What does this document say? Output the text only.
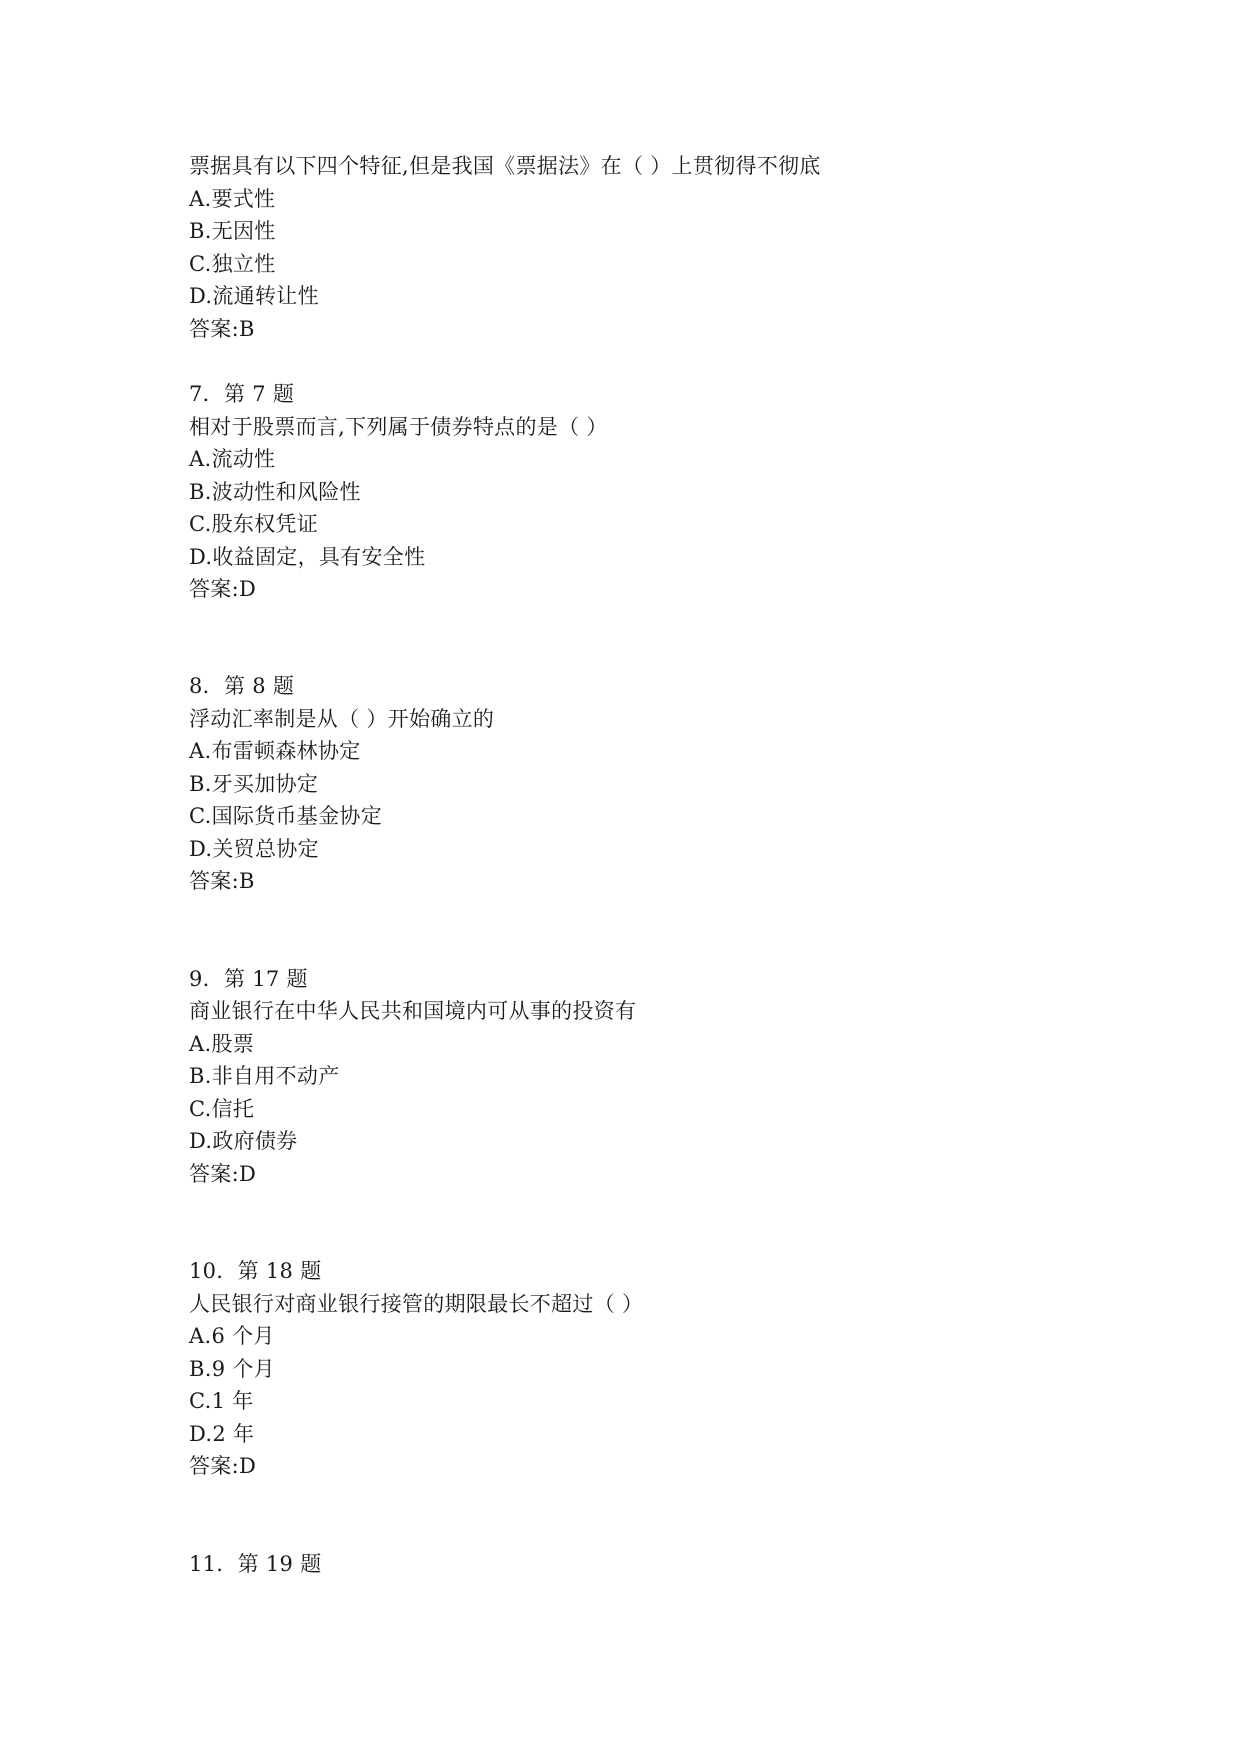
票据具有以下四个特征,但是我国《票据法》在（ ）上贯彻得不彻底
A.要式性
B.无因性
C.独立性
D.流通转让性
答案:B
7．第 7 题
相对于股票而言,下列属于债券特点的是（ ）
A.流动性
B.波动性和风险性
C.股东权凭证
D.收益固定，具有安全性
答案:D
8．第 8 题
浮动汇率制是从（ ）开始确立的
A.布雷顿森林协定
B.牙买加协定
C.国际货币基金协定
D.关贸总协定
答案:B
9．第 17 题
商业银行在中华人民共和国境内可从事的投资有
A.股票
B.非自用不动产
C.信托
D.政府债券
答案:D
10．第 18 题
人民银行对商业银行接管的期限最长不超过（ ）
A.6 个月
B.9 个月
C.1 年
D.2 年
答案:D
11．第 19 题
